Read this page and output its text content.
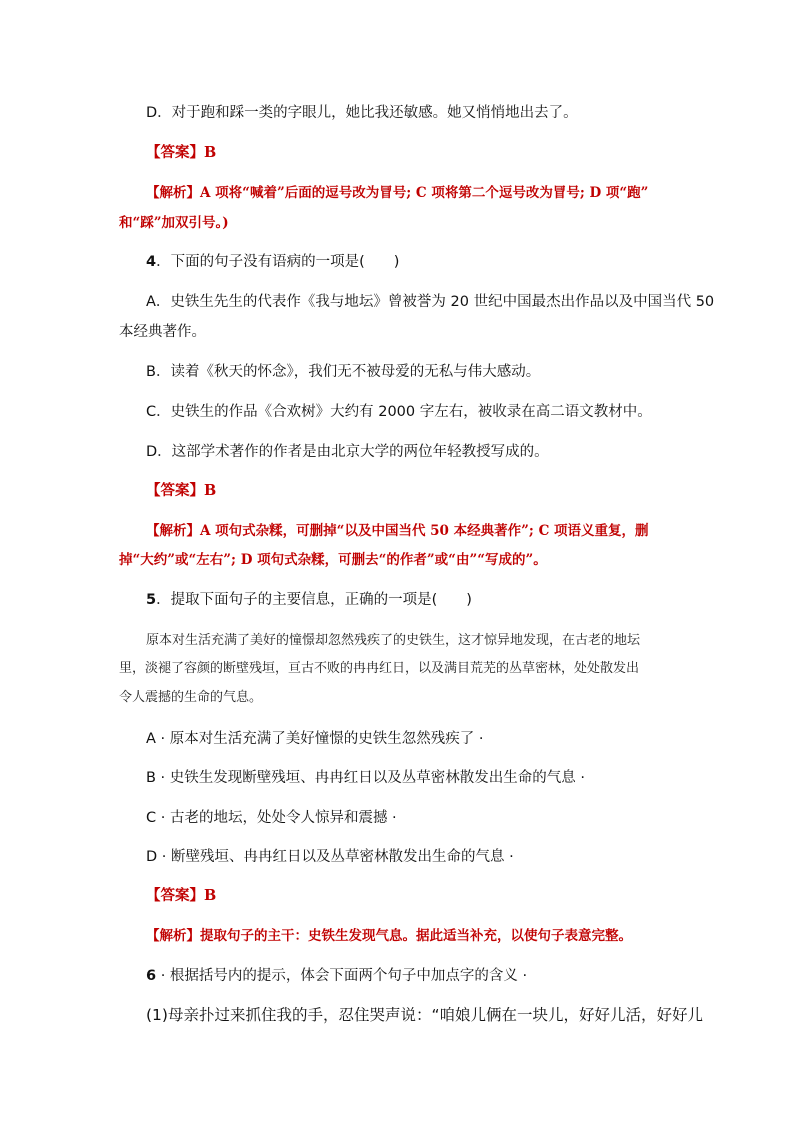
D．对于跑和踩一类的字眼儿，她比我还敏感。她又悄悄地出去了。
【答案】B
【解析】A 项将“喊着”后面的逗号改为冒号; C 项将第二个逗号改为冒号; D 项“跑”
和“踩”加双引号。)
4．下面的句子没有语病的一项是(　　)
A．史铁生先生的代表作《我与地坛》曾被誉为 20 世纪中国最杰出作品以及中国当代 50
本经典著作。
B．读着《秋天的怀念》，我们无不被母爱的无私与伟大感动。
C．史铁生的作品《合欢树》大约有 2000 字左右，被收录在高二语文教材中。
D．这部学术著作的作者是由北京大学的两位年轻教授写成的。
【答案】B
【解析】A 项句式杂糅，可删掉“以及中国当代 50 本经典著作”; C 项语义重复，删
掉“大约”或“左右”; D 项句式杂糅，可删去“的作者”或“由”“写成的”。
5．提取下面句子的主要信息，正确的一项是(　　)
原本对生活充满了美好的憧憬却忽然残疾了的史铁生，这才惊异地发现，在古老的地坛
里，淡褪了容颜的断壁残垣，亘古不败的冉冉红日，以及满目荒芜的丛草密林，处处散发出
令人震撼的生命的气息。
A · 原本对生活充满了美好憧憬的史铁生忽然残疾了 ·
B · 史铁生发现断壁残垣、冉冉红日以及丛草密林散发出生命的气息 ·
C · 古老的地坛，处处令人惊异和震撼 ·
D · 断壁残垣、冉冉红日以及丛草密林散发出生命的气息 ·
【答案】B
【解析】提取句子的主干：史铁生发现气息。据此适当补充，以使句子表意完整。
6 · 根据括号内的提示，体会下面两个句子中加点字的含义 ·
(1)母亲扑过来抓住我的手，忍住哭声说：“咱娘儿俩在一块儿，好好儿活，好好儿
